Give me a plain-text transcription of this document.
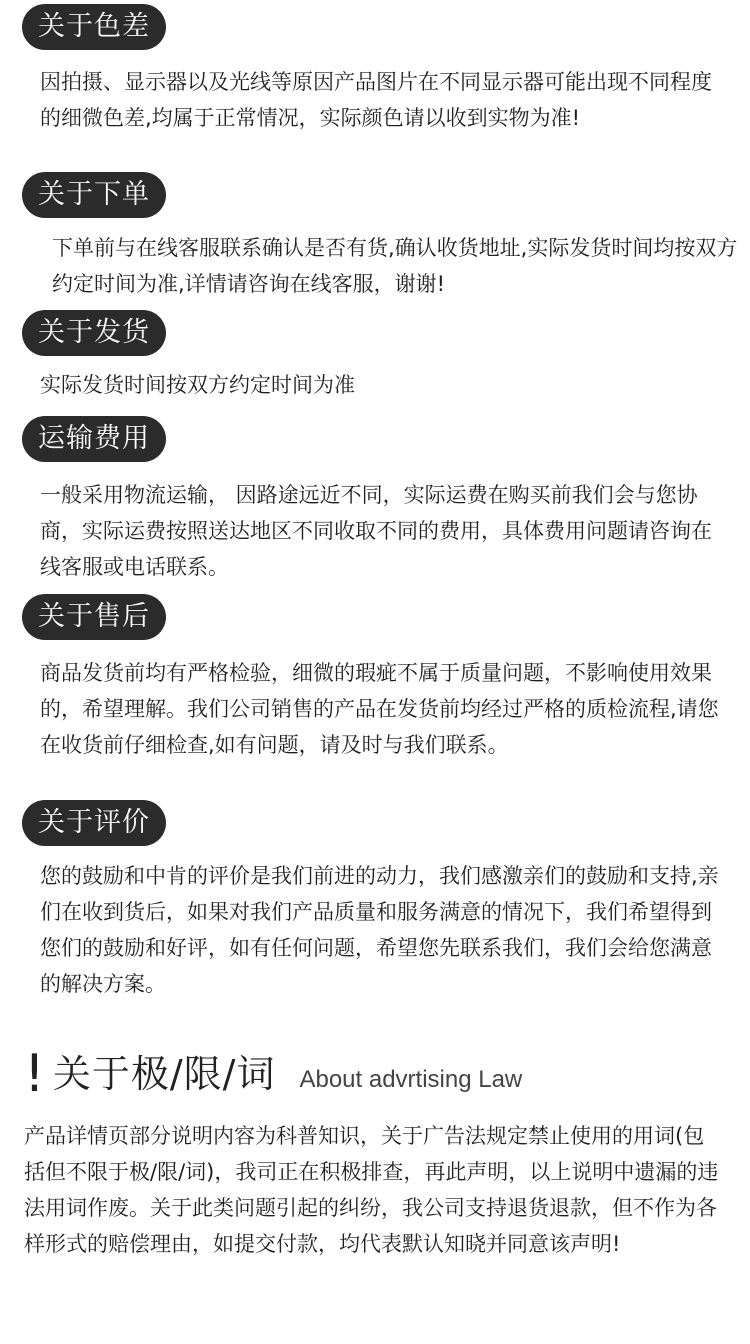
关于色差

因拍摄、显示器以及光线等原因产品图片在不同显示器可能出现不同程度的细微色差,均属于正常情况，实际颜色请以收到实物为准!

关于下单

下单前与在线客服联系确认是否有货,确认收货地址,实际发货时间均按双方约定时间为准,详情请咨询在线客服，谢谢!

关于发货

实际发货时间按双方约定时间为准

运输费用

一般采用物流运输， 因路途远近不同，实际运费在购买前我们会与您协商，实际运费按照送达地区不同收取不同的费用，具体费用问题请咨询在线客服或电话联系。

关于售后

商品发货前均有严格检验，细微的瑕疵不属于质量问题，不影响使用效果的，希望理解。我们公司销售的产品在发货前均经过严格的质检流程,请您在收货前仔细检查,如有问题，请及时与我们联系。

关于评价

您的鼓励和中肯的评价是我们前进的动力，我们感激亲们的鼓励和支持,亲们在收到货后，如果对我们产品质量和服务满意的情况下，我们希望得到您们的鼓励和好评，如有任何问题，希望您先联系我们，我们会给您满意的解决方案。

! 关于极/限/词 About advrtising Law

产品详情页部分说明内容为科普知识，关于广告法规定禁止使用的用词(包括但不限于极/限/词)，我司正在积极排查，再此声明，以上说明中遗漏的违法用词作废。关于此类问题引起的纠纷，我公司支持退货退款，但不作为各样形式的赔偿理由，如提交付款，均代表默认知晓并同意该声明!
